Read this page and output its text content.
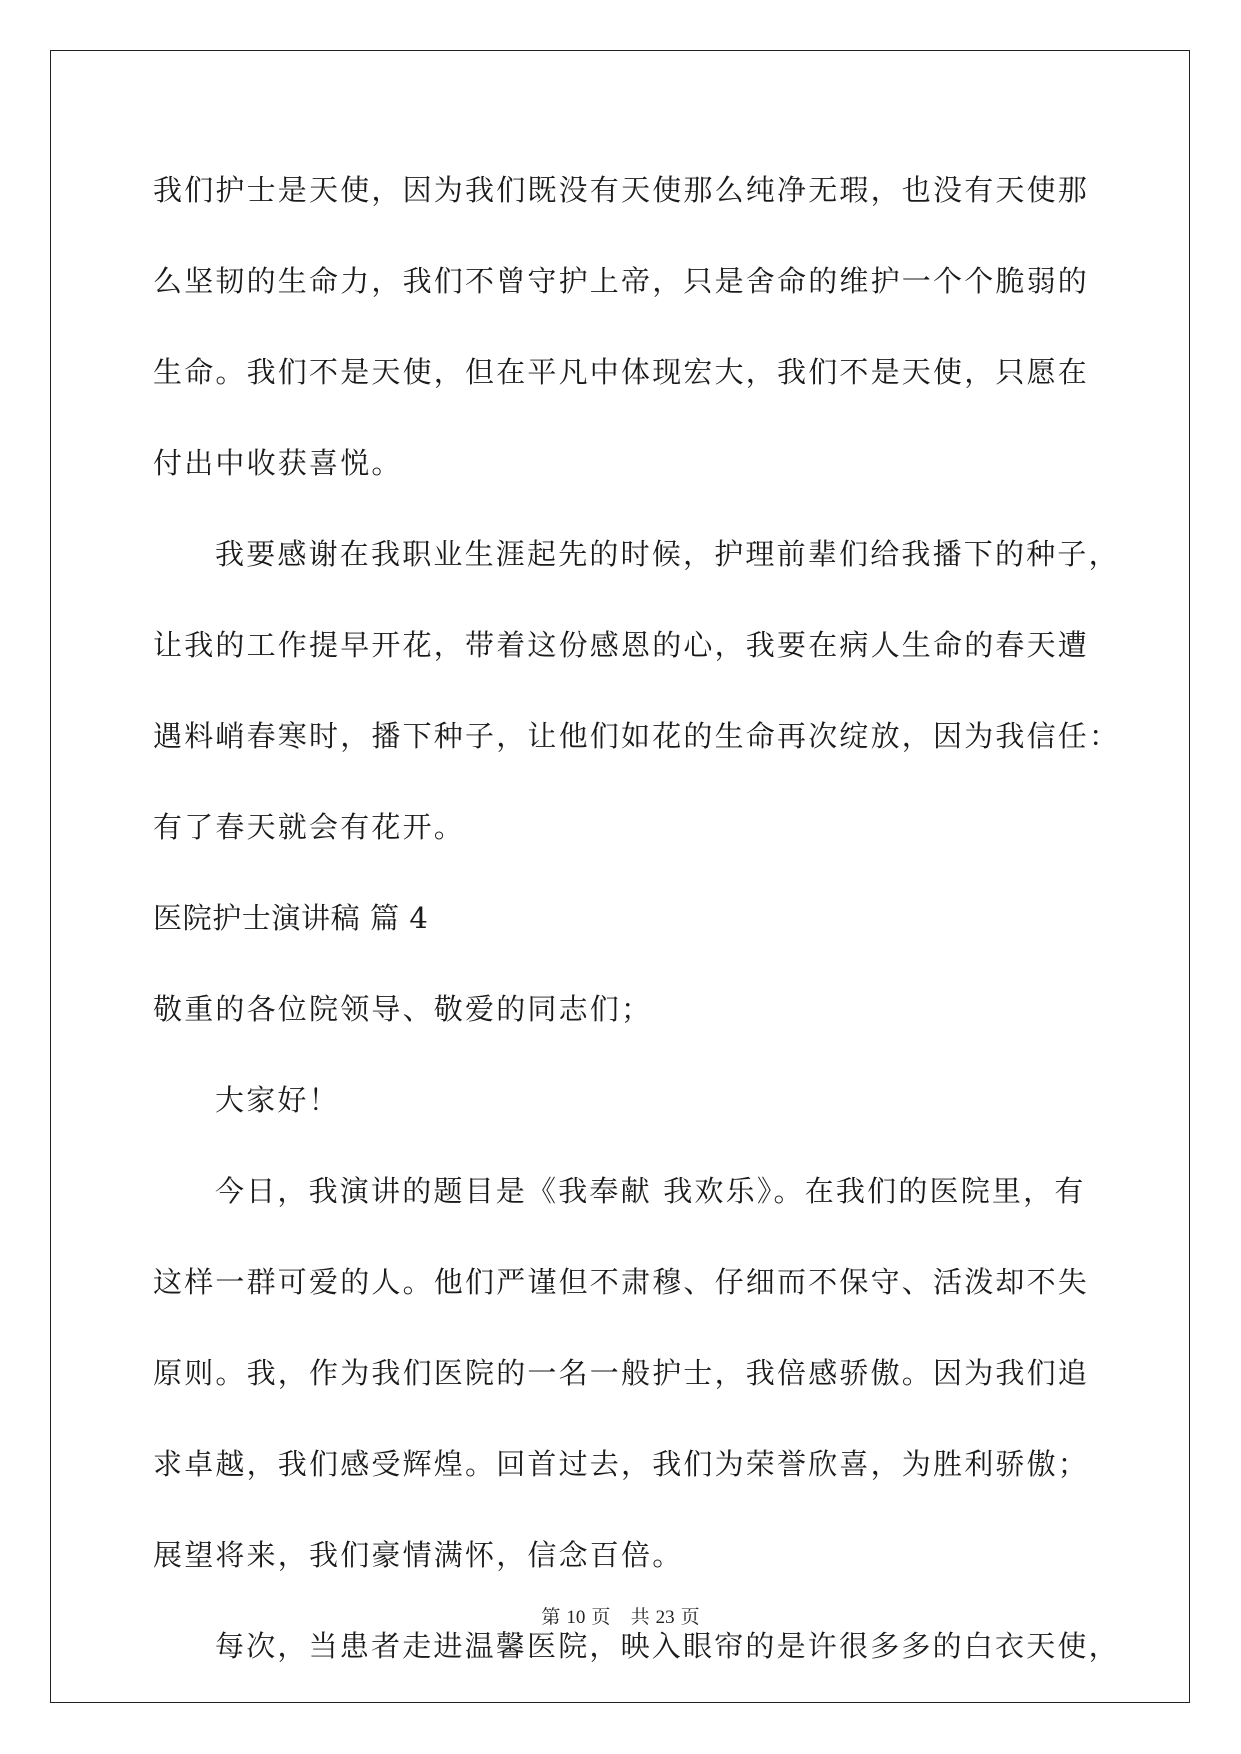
我们护士是天使，因为我们既没有天使那么纯净无瑕，也没有天使那
么坚韧的生命力，我们不曾守护上帝，只是舍命的维护一个个脆弱的
生命。我们不是天使，但在平凡中体现宏大，我们不是天使，只愿在
付出中收获喜悦。
我要感谢在我职业生涯起先的时候，护理前辈们给我播下的种子，
让我的工作提早开花，带着这份感恩的心，我要在病人生命的春天遭
遇料峭春寒时，播下种子，让他们如花的生命再次绽放，因为我信任：
有了春天就会有花开。
医院护士演讲稿 篇 4
敬重的各位院领导、敬爱的同志们；
大家好！
今日，我演讲的题目是《我奉献 我欢乐》。在我们的医院里，有
这样一群可爱的人。他们严谨但不肃穆、仔细而不保守、活泼却不失
原则。我，作为我们医院的一名一般护士，我倍感骄傲。因为我们追
求卓越，我们感受辉煌。回首过去，我们为荣誉欣喜，为胜利骄傲；
展望将来，我们豪情满怀，信念百倍。
每次，当患者走进温馨医院，映入眼帘的是许很多多的白衣天使，
第 10 页 共 23 页
